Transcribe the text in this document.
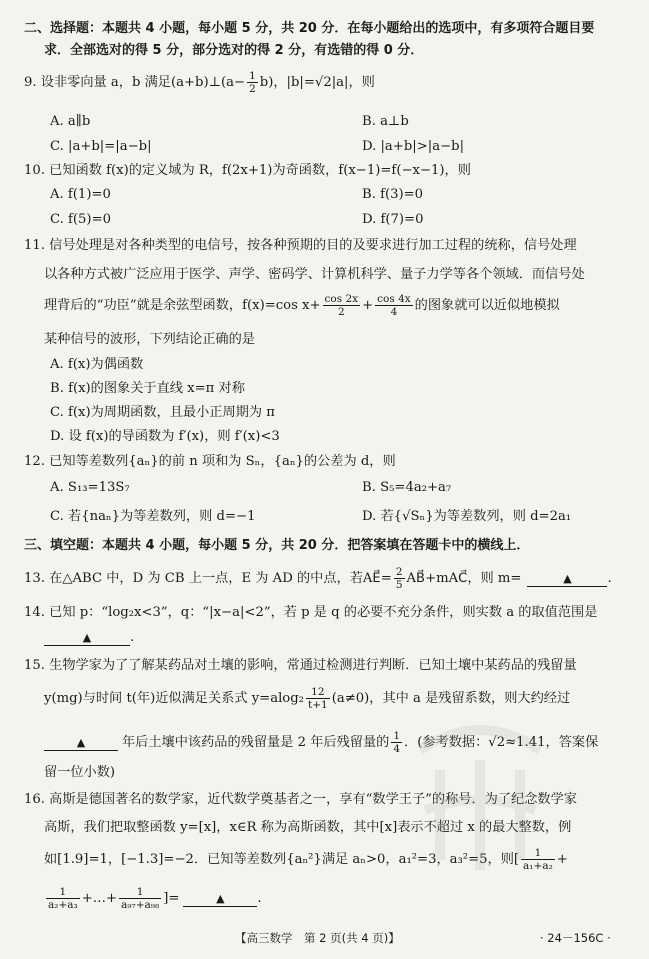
二、选择题：本题共 4 小题，每小题 5 分，共 20 分．在每小题给出的选项中，有多项符合题目要
求．全部选对的得 5 分，部分选对的得 2 分，有选错的得 0 分．
9. 设非零向量 a，b 满足(a+b)⊥(a− $\frac{1}{2} b$)，|b|=√2|a|，则
A. a∥b	B. a⊥b
C. |a+b|=|a−b|	D. |a+b|>|a−b|
10. 已知函数 f(x)的定义域为 R，f(2x+1)为奇函数，f(x−1)=f(−x−1)，则
A. f(1)=0	B. f(3)=0
C. f(5)=0	D. f(7)=0
11. 信号处理是对各种类型的电信号，按各种预期的目的及要求进行加工过程的统称，信号处理
以各种方式被广泛应用于医学、声学、密码学、计算机科学、量子力学等各个领域．而信号处
理背后的“功臣”就是余弦型函数，f(x)=cos $x+ \frac{\cos 2x}{2} + \frac{\cos 4x}{4}$ 的图象就可以近似地模拟
某种信号的波形，下列结论正确的是
A. f(x)为偶函数
B. f(x)的图象关于直线 x=π 对称
C. f(x)为周期函数，且最小正周期为 π
D. 设 f(x)的导函数为 f′(x)，则 f′(x)<3
12. 已知等差数列{aₙ}的前 n 项和为 Sₙ，{aₙ}的公差为 d，则
A. S₁₃=13S₇	B. S₅=4a₂+a₇
C. 若{naₙ}为等差数列，则 d=−1	D. 若{√Sₙ}为等差数列，则 d=2a₁
三、填空题：本题共 4 小题，每小题 5 分，共 20 分．把答案填在答题卡中的横线上．
13. 在△ABC 中，D 为 CB 上一点，E 为 AD 的中点，若AE⃗= $\frac{2}{5}$ AB⃗+mAC⃗，则 m=	▲	.
14. 已知 p：“log₂x<3”，q：“|x−a|<2”，若 p 是 q 的必要不充分条件，则实数 a 的取值范围是
▲	.
15. 生物学家为了了解某药品对土壤的影响，常通过检测进行判断．已知土壤中某药品的残留量
y(mg)与时间 t(年)近似满足关系式 $y=alog_2 \frac{12}{t+1} (a\ne 0)$，其中 a 是残留系数，则大约经过
▲	年后土壤中该药品的残留量是 2 年后残留量的 $\frac{1}{4}$ ．(参考数据：√2≈1.41，答案保
留一位小数)
16. 高斯是德国著名的数学家，近代数学奠基者之一，享有“数学王子”的称号．为了纪念数学家
高斯，我们把取整函数 y=[x]，x∈R 称为高斯函数，其中[x]表示不超过 x 的最大整数，例
如[1.9]=1，[−1.3]=−2．已知等差数列{aₙ²}满足 aₙ>0，a₁²=3，a₃²=5，则[ $\frac{1}{\text{a₁+a₂}}$ +
$\frac{1}{\text{a₂+a₃}}$ +…+ $\frac{1}{\text{a₉₇+a₉₈}}$ ]=	▲ .
【高三数学　第 2 页(共 4 页)】	· 24－156C ·
